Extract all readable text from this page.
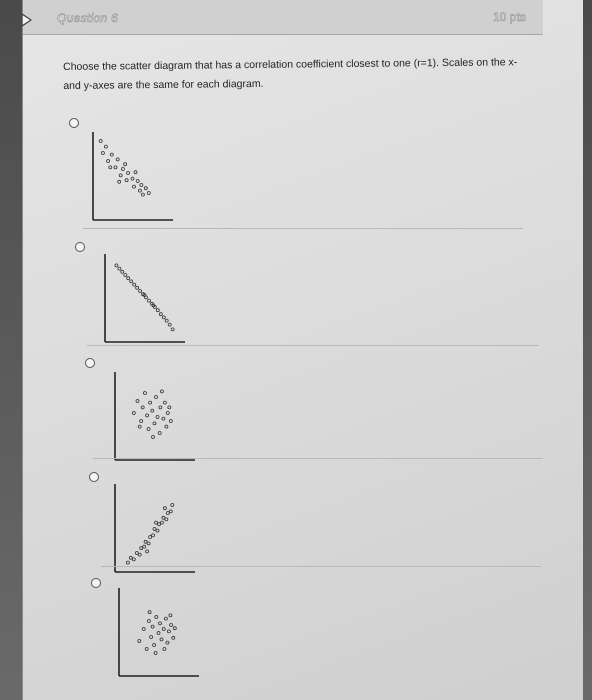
Question 6	10 pts
Choose the scatter diagram that has a correlation coefficient closest to one (r=1). Scales on the x-
and y-axes are the same for each diagram.
